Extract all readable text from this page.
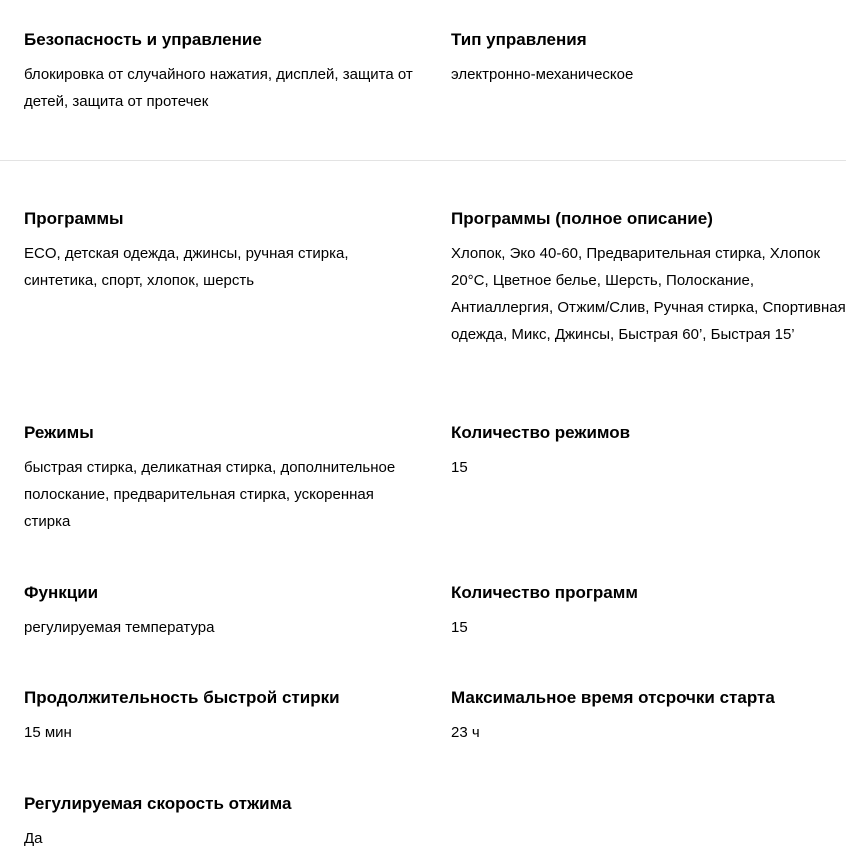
Безопасность и управление
блокировка от случайного нажатия, дисплей, защита от детей, защита от протечек
Тип управления
электронно-механическое
Программы
ECO, детская одежда, джинсы, ручная стирка, синтетика, спорт, хлопок, шерсть
Программы (полное описание)
Хлопок, Эко 40-60, Предварительная стирка, Хлопок 20°C, Цветное белье, Шерсть, Полоскание, Антиаллергия, Отжим/Слив, Ручная стирка, Спортивная одежда, Микс, Джинсы, Быстрая 60’, Быстрая 15’
Режимы
быстрая стирка, деликатная стирка, дополнительное полоскание, предварительная стирка, ускоренная стирка
Количество режимов
15
Функции
регулируемая температура
Количество программ
15
Продолжительность быстрой стирки
15 мин
Максимальное время отсрочки старта
23 ч
Регулируемая скорость отжима
Да
